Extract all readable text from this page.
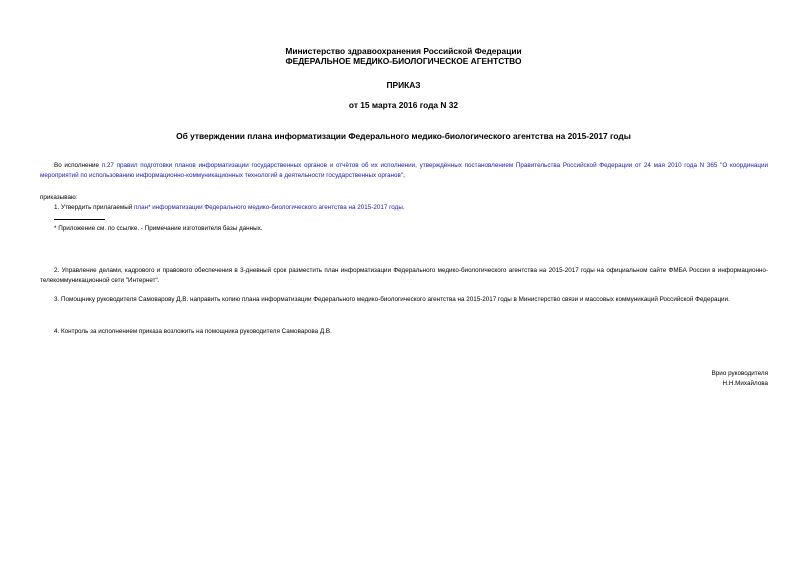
Министерство здравоохранения Российской Федерации
ФЕДЕРАЛЬНОЕ МЕДИКО-БИОЛОГИЧЕСКОЕ АГЕНТСТВО
ПРИКАЗ
от 15 марта 2016 года N 32
Об утверждении плана информатизации Федерального медико-биологического агентства на 2015-2017 годы
Во исполнение п.27 правил подготовки планов информатизации государственных органов и отчётов об их исполнении, утверждённых постановлением Правительства Российской Федерации от 24 мая 2010 года N 365 "О координации мероприятий по использованию информационно-коммуникационных технологий в деятельности государственных органов",
приказываю:
1. Утвердить прилагаемый план* информатизации Федерального медико-биологического агентства на 2015-2017 годы.
* Приложение см. по ссылке. - Примечание изготовителя базы данных.
2. Управление делами, кадрового и правового обеспечения в 3-дневный срок разместить план информатизации Федерального медико-биологического агентства на 2015-2017 годы на официальном сайте ФМБА России в информационно-телекоммуникационной сети "Интернет".
3. Помощнику руководителя Самоварову Д.В. направить копию плана информатизации Федерального медико-биологического агентства на 2015-2017 годы в Министерство связи и массовых коммуникаций Российской Федерации.
4. Контроль за исполнением приказа возложить на помощника руководителя Самоварова Д.В.
Врио руководителя
Н.Н.Михайлова
